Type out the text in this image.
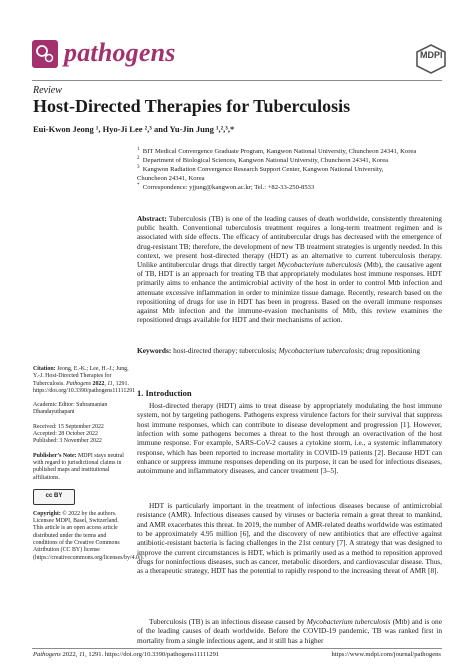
pathogens	MDPI
Review
Host-Directed Therapies for Tuberculosis
Eui-Kwon Jeong ¹, Hyo-Ji Lee ²,³ and Yu-Jin Jung ¹,²,³,*
$^1$ BIT Medical Convergence Graduate Program, Kangwon National University, Chuncheon 24341, Korea
$^2$ Department of Biological Sciences, Kangwon National University, Chuncheon 24341, Korea
$^3$ Kangwon Radiation Convergence Research Support Center, Kangwon National University, Chuncheon 24341, Korea
* Correspondence: yjjung@kangwon.ac.kr; Tel.: +82-33-250-8533
Abstract: Tuberculosis (TB) is one of the leading causes of death worldwide, consistently threatening public health. Conventional tuberculosis treatment requires a long-term treatment regimen and is associated with side effects. The efficacy of antitubercular drugs has decreased with the emergence of drug-resistant TB; therefore, the development of new TB treatment strategies is urgently needed. In this context, we present host-directed therapy (HDT) as an alternative to current tuberculosis therapy. Unlike antitubercular drugs that directly target Mycobacterium tuberculosis (Mtb), the causative agent of TB, HDT is an approach for treating TB that appropriately modulates host immune responses. HDT primarily aims to enhance the antimicrobial activity of the host in order to control Mtb infection and attenuate excessive inflammation in order to minimize tissue damage. Recently, research based on the repositioning of drugs for use in HDT has been in progress. Based on the overall immune responses against Mtb infection and the immune-evasion mechanisms of Mtb, this review examines the repositioned drugs available for HDT and their mechanisms of action.
Keywords: host-directed therapy; tuberculosis; Mycobacterium tuberculosis; drug repositioning
Citation: Jeong, E.-K.; Lee, H.-J.; Jung, Y.-J. Host-Directed Therapies for Tuberculosis. Pathogens 2022, 11, 1291. https://doi.org/10.3390/pathogens11111291
Academic Editor: Subramanian Dhandayuthapani
Received: 15 September 2022
Accepted: 28 October 2022
Published: 3 November 2022
Publisher’s Note: MDPI stays neutral with regard to jurisdictional claims in published maps and institutional affiliations.
cc BY
Copyright: © 2022 by the authors. Licensee MDPI, Basel, Switzerland. This article is an open access article distributed under the terms and conditions of the Creative Commons Attribution (CC BY) license (https://creativecommons.org/licenses/by/4.0/).
1. Introduction
Host-directed therapy (HDT) aims to treat disease by appropriately modulating the host immune system, not by targeting pathogens. Pathogens express virulence factors for their survival that suppress host immune responses, which can contribute to disease development and progression [1]. However, infection with some pathogens becomes a threat to the host through an overactivation of the host immune response. For example, SARS-CoV-2 causes a cytokine storm, i.e., a systemic inflammatory response, which has been reported to increase mortality in COVID-19 patients [2]. Because HDT can enhance or suppress immune responses depending on its purpose, it can be used for infectious diseases, autoimmune and inflammatory diseases, and cancer treatment [3–5].
HDT is particularly important in the treatment of infectious diseases because of antimicrobial resistance (AMR). Infectious diseases caused by viruses or bacteria remain a great threat to mankind, and AMR exacerbates this threat. In 2019, the number of AMR-related deaths worldwide was estimated to be approximately 4.95 million [6], and the discovery of new antibiotics that are effective against antibiotic-resistant bacteria is facing challenges in the 21st century [7]. A strategy that was designed to improve the current circumstances is HDT, which is primarily used as a method to reposition approved drugs for noninfectious diseases, such as cancer, metabolic disorders, and cardiovascular disease. Thus, as a therapeutic strategy, HDT has the potential to rapidly respond to the increasing threat of AMR [8].
Tuberculosis (TB) is an infectious disease caused by Mycobacterium tuberculosis (Mtb) and is one of the leading causes of death worldwide. Before the COVID-19 pandemic, TB was ranked first in mortality from a single infectious agent, and it still has a higher
Pathogens 2022, 11, 1291. https://doi.org/10.3390/pathogens11111291	https://www.mdpi.com/journal/pathogens
